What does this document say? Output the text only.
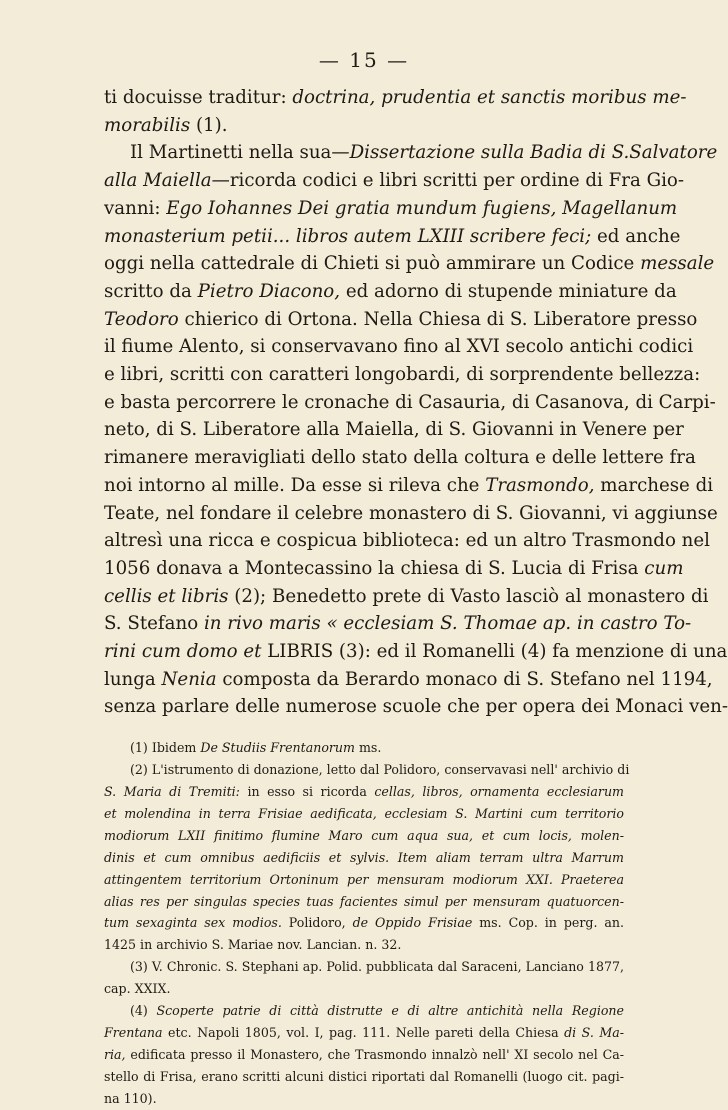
— 15 —
ti docuisse traditur: doctrina, prudentia et sanctis moribus me-
morabilis (1).
Il Martinetti nella sua—Dissertazione sulla Badia di S.Salvatore
alla Maiella—ricorda codici e libri scritti per ordine di Fra Gio-
vanni: Ego Iohannes Dei gratia mundum fugiens, Magellanum
monasterium petii... libros autem LXIII scribere feci; ed anche
oggi nella cattedrale di Chieti si può ammirare un Codice messale
scritto da Pietro Diacono, ed adorno di stupende miniature da
Teodoro chierico di Ortona. Nella Chiesa di S. Liberatore presso
il fiume Alento, si conservavano fino al XVI secolo antichi codici
e libri, scritti con caratteri longobardi, di sorprendente bellezza:
e basta percorrere le cronache di Casauria, di Casanova, di Carpi-
neto, di S. Liberatore alla Maiella, di S. Giovanni in Venere per
rimanere meravigliati dello stato della coltura e delle lettere fra
noi intorno al mille. Da esse si rileva che Trasmondo, marchese di
Teate, nel fondare il celebre monastero di S. Giovanni, vi aggiunse
altresì una ricca e cospicua biblioteca: ed un altro Trasmondo nel
1056 donava a Montecassino la chiesa di S. Lucia di Frisa cum
cellis et libris (2); Benedetto prete di Vasto lasciò al monastero di
S. Stefano in rivo maris « ecclesiam S. Thomae ap. in castro To-
rini cum domo et LIBRIS (3): ed il Romanelli (4) fa menzione di una
lunga Nenia composta da Berardo monaco di S. Stefano nel 1194,
senza parlare delle numerose scuole che per opera dei Monaci ven-
(1) Ibidem De Studiis Frentanorum ms.
(2) L'istrumento di donazione, letto dal Polidoro, conservavasi nell' archivio di
S. Maria di Tremiti: in esso si ricorda cellas, libros, ornamenta ecclesiarum
et molendina in terra Frisiae aedificata, ecclesiam S. Martini cum territorio
modiorum LXII finitimo flumine Maro cum aqua sua, et cum locis, molen-
dinis et cum omnibus aedificiis et sylvis. Item aliam terram ultra Marrum
attingentem territorium Ortoninum per mensuram modiorum XXI. Praeterea
alias res per singulas species tuas facientes simul per mensuram quatuorcen-
tum sexaginta sex modios. Polidoro, de Oppido Frisiae ms. Cop. in perg. an.
1425 in archivio S. Mariae nov. Lancian. n. 32.
(3) V. Chronic. S. Stephani ap. Polid. pubblicata dal Saraceni, Lanciano 1877,
cap. XXIX.
(4) Scoperte patrie di città distrutte e di altre antichità nella Regione
Frentana etc. Napoli 1805, vol. I, pag. 111. Nelle pareti della Chiesa di S. Ma-
ria, edificata presso il Monastero, che Trasmondo innalzò nell' XI secolo nel Ca-
stello di Frisa, erano scritti alcuni distici riportati dal Romanelli (luogo cit. pagi-
na 110).
